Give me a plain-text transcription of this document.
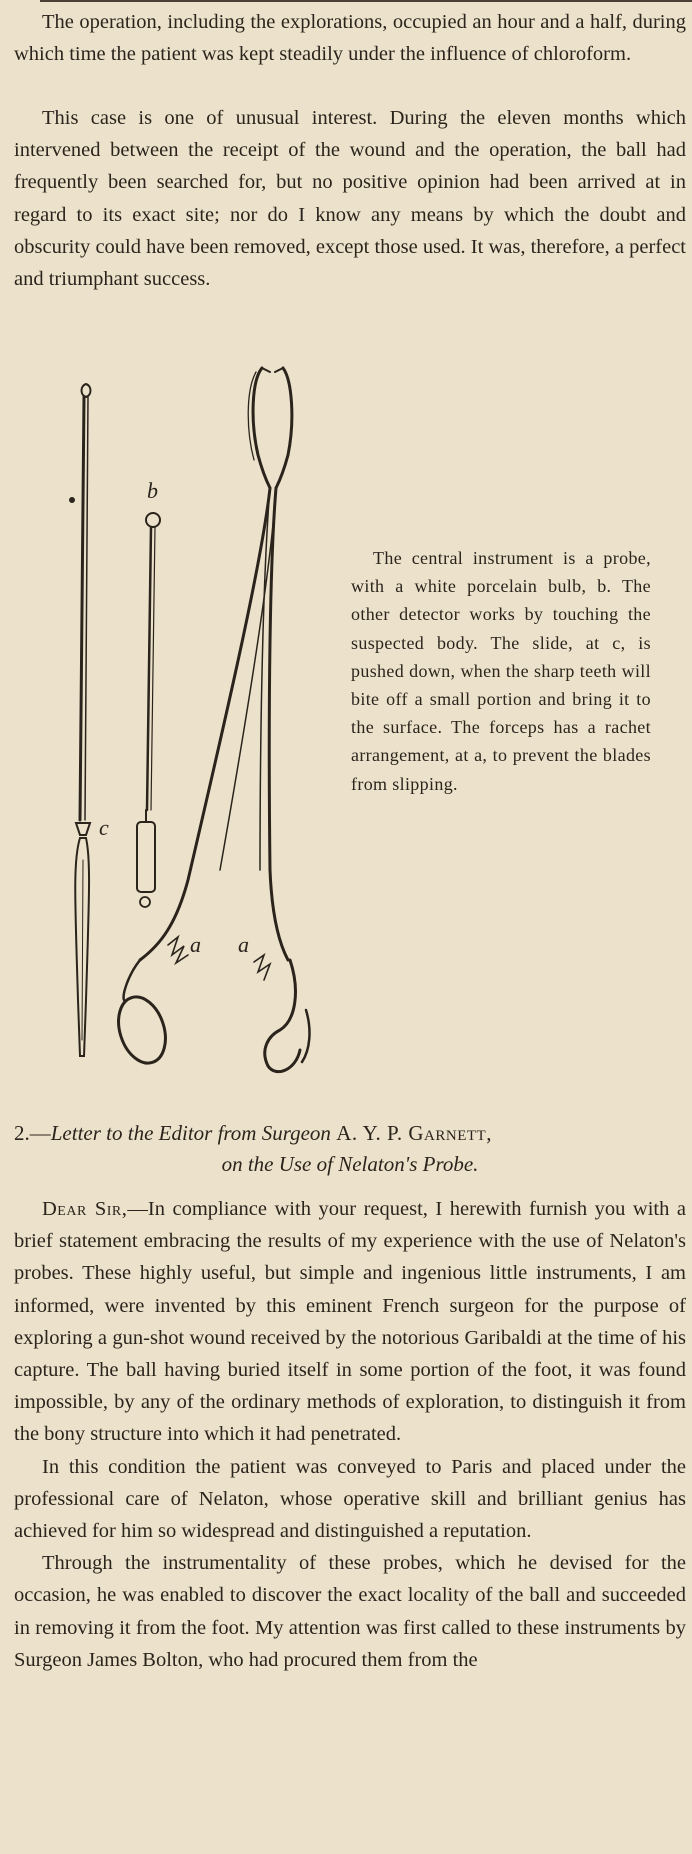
The operation, including the explorations, occupied an hour and a half, during which time the patient was kept steadily under the influence of chloroform.

This case is one of unusual interest. During the eleven months which intervened between the receipt of the wound and the operation, the ball had frequently been searched for, but no positive opinion had been arrived at in regard to its exact site; nor do I know any means by which the doubt and obscurity could have been removed, except those used. It was, therefore, a perfect and triumphant success.

b
c
a a

The central instrument is a probe, with a white porcelain bulb, b. The other detector works by touching the suspected body. The slide, at c, is pushed down, when the sharp teeth will bite off a small portion and bring it to the surface. The forceps has a rachet arrangement, at a, to prevent the blades from slipping.

2.—Letter to the Editor from Surgeon A. Y. P. Garnett,
on the Use of Nelaton's Probe.

Dear Sir,—In compliance with your request, I herewith furnish you with a brief statement embracing the results of my experience with the use of Nelaton's probes. These highly useful, but simple and ingenious little instruments, I am informed, were invented by this eminent French surgeon for the purpose of exploring a gun-shot wound received by the notorious Garibaldi at the time of his capture. The ball having buried itself in some portion of the foot, it was found impossible, by any of the ordinary methods of exploration, to distinguish it from the bony structure into which it had penetrated.

In this condition the patient was conveyed to Paris and placed under the professional care of Nelaton, whose operative skill and brilliant genius has achieved for him so widespread and distinguished a reputation.

Through the instrumentality of these probes, which he devised for the occasion, he was enabled to discover the exact locality of the ball and succeeded in removing it from the foot. My attention was first called to these instruments by Surgeon James Bolton, who had procured them from the
